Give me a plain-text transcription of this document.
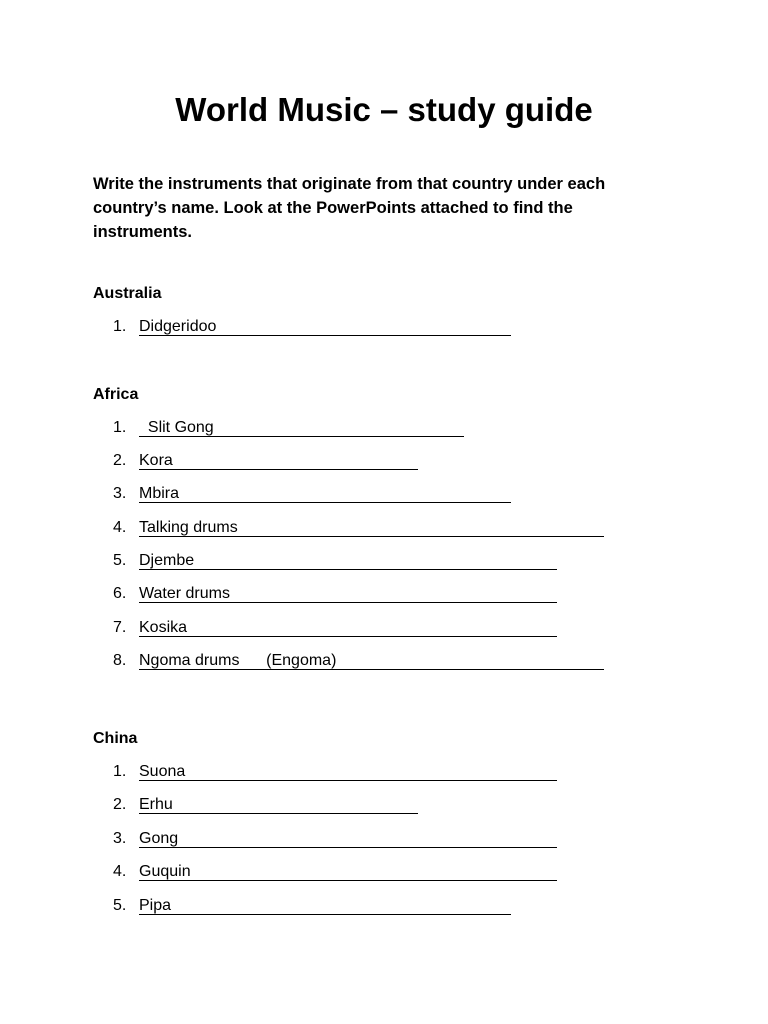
World Music – study guide

Write the instruments that originate from that country under each country’s name. Look at the PowerPoints attached to find the instruments.

Australia

1. Didgeridoo

Africa

1.  Slit Gong
2. Kora
3. Mbira
4. Talking drums
5. Djembe
6. Water drums
7. Kosika
8. Ngoma drums      (Engoma)

China

1. Suona
2. Erhu
3. Gong
4. Guquin
5. Pipa
